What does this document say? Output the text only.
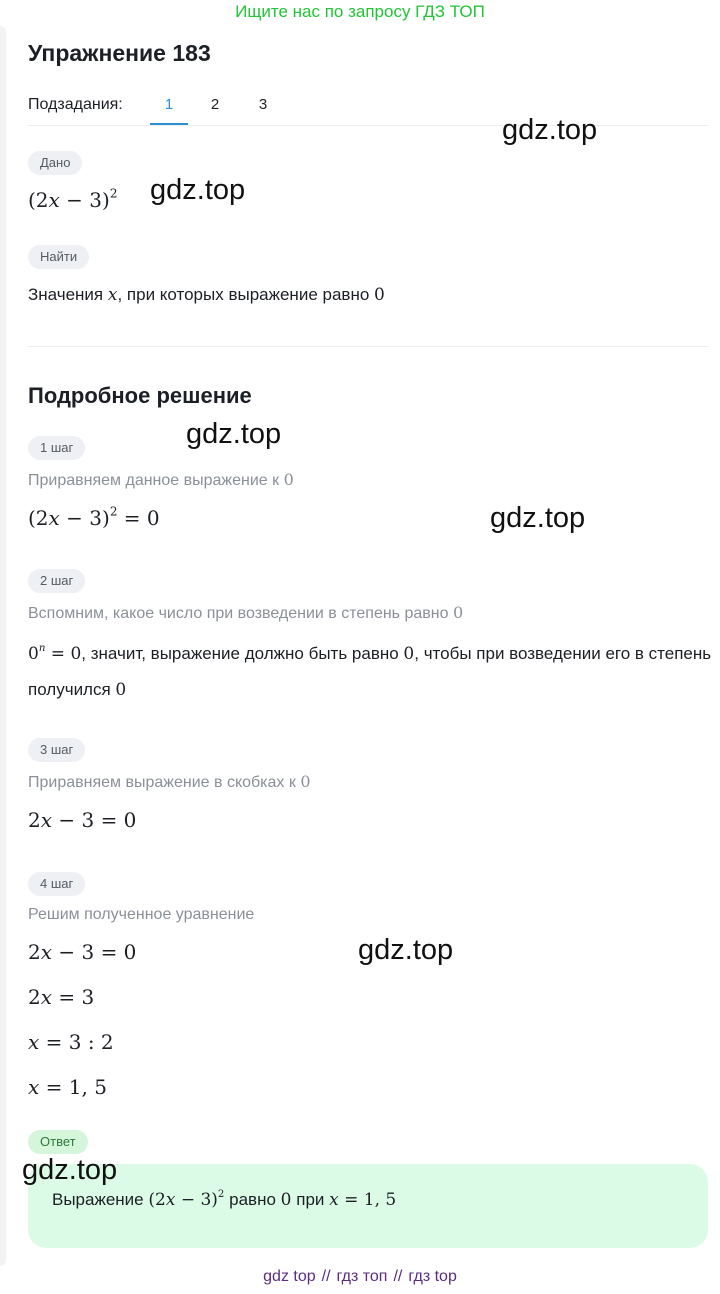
Ищите нас по запросу ГДЗ ТОП
Упражнение 183
Подзадания:	1	2	3
Дано
$(2x - 3)^2$
Найти
Значения x, при которых выражение равно 0
Подробное решение
1 шаг
Приравняем данное выражение к 0
$(2x - 3)^2 = 0$
2 шаг
Вспомним, какое число при возведении в степень равно 0
$0^n = 0$, значит, выражение должно быть равно 0, чтобы при возведении его в степень получился 0
3 шаг
Приравняем выражение в скобках к 0
2x − 3 = 0
4 шаг
Решим полученное уравнение
2x − 3 = 0
2x = 3
x = 3 : 2
x = 1, 5
Ответ
Выражение $(2x - 3)^2$ равно 0 при x = 1, 5
gdz.top
gdz.top
gdz.top
gdz.top
gdz.top
gdz.top
gdz top // гдз топ // гдз top
